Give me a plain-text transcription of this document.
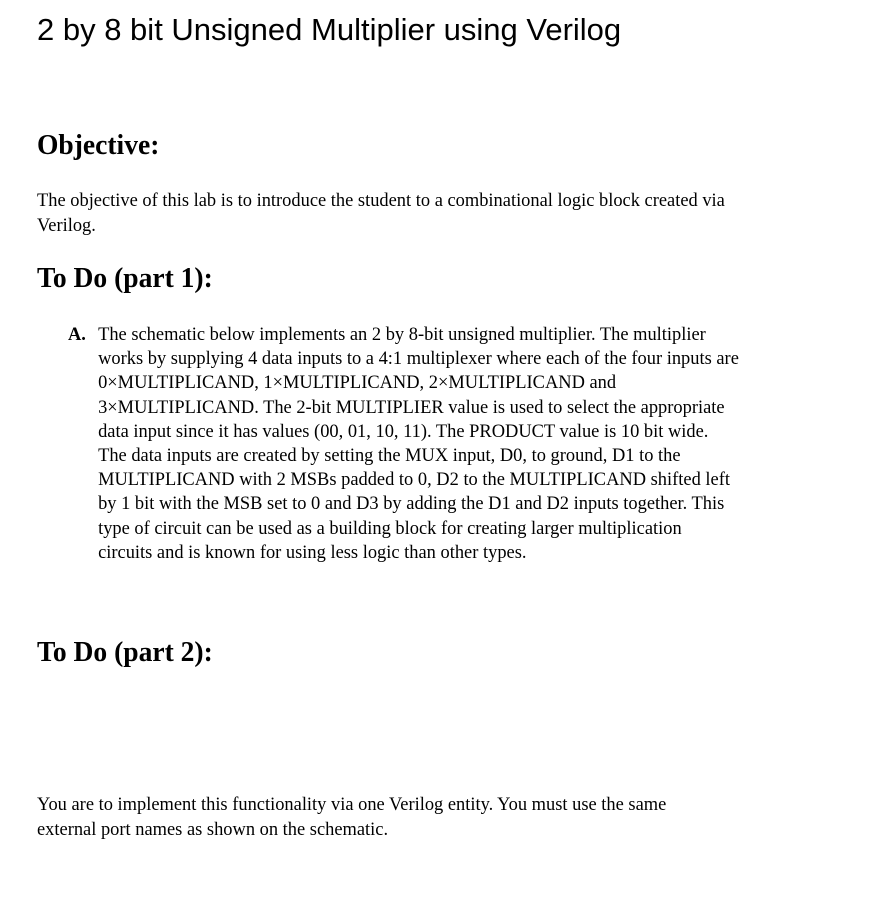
2 by 8 bit Unsigned Multiplier using Verilog
Objective:

The objective of this lab is to introduce the student to a combinational logic block created via
Verilog.

To Do (part 1):
A. The schematic below implements an 2 by 8-bit unsigned multiplier. The multiplier
works by supplying 4 data inputs to a 4:1 multiplexer where each of the four inputs are
0×MULTIPLICAND, 1×MULTIPLICAND, 2×MULTIPLICAND and
3×MULTIPLICAND. The 2-bit MULTIPLIER value is used to select the appropriate
data input since it has values (00, 01, 10, 11). The PRODUCT value is 10 bit wide.
The data inputs are created by setting the MUX input, D0, to ground, D1 to the
MULTIPLICAND with 2 MSBs padded to 0, D2 to the MULTIPLICAND shifted left
by 1 bit with the MSB set to 0 and D3 by adding the D1 and D2 inputs together. This
type of circuit can be used as a building block for creating larger multiplication
circuits and is known for using less logic than other types.
To Do (part 2):

You are to implement this functionality via one Verilog entity. You must use the same
external port names as shown on the schematic.
